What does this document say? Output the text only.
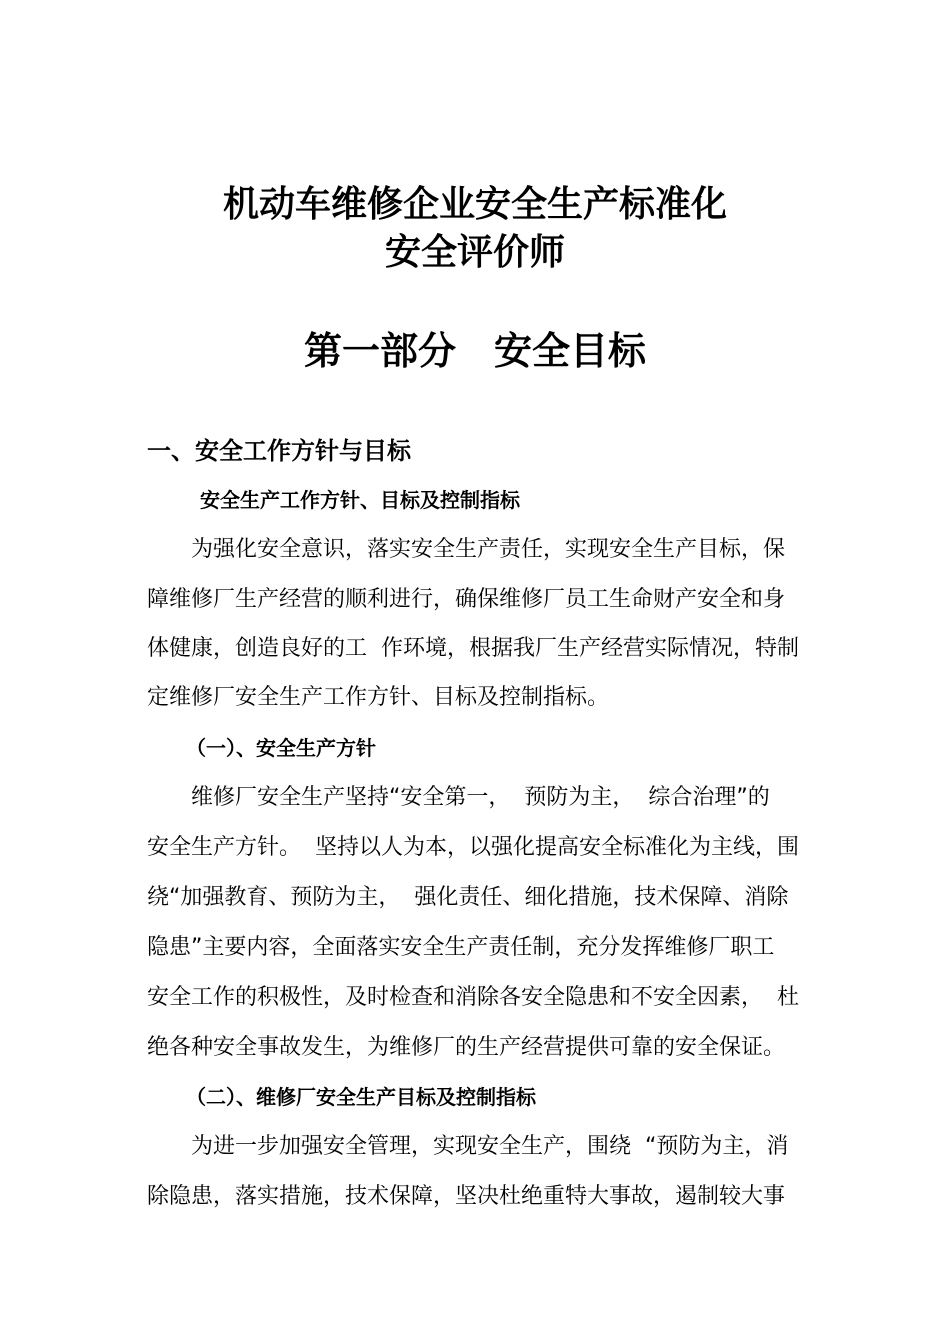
机动车维修企业安全生产标准化
安全评价师
第一部分　安全目标
一、安全工作方针与目标
安全生产工作方针、目标及控制指标
为强化安全意识，落实安全生产责任，实现安全生产目标，保
障维修厂生产经营的顺利进行，确保维修厂员工生命财产安全和身
体健康，创造良好的工  作环境，根据我厂生产经营实际情况，特制
定维修厂安全生产工作方针、目标及控制指标。
（一）、安全生产方针
维修厂安全生产坚持“安全第一，  预防为主，  综合治理”的
安全生产方针。  坚持以人为本，以强化提高安全标准化为主线，围
绕“加强教育、预防为主，  强化责任、细化措施，技术保障、消除
隐患”主要内容，全面落实安全生产责任制，充分发挥维修厂职工
安全工作的积极性，及时检查和消除各安全隐患和不安全因素，  杜
绝各种安全事故发生，为维修厂的生产经营提供可靠的安全保证。
（二）、维修厂安全生产目标及控制指标
为进一步加强安全管理，实现安全生产，围绕  “预防为主，消
除隐患，落实措施，技术保障，坚决杜绝重特大事故，遏制较大事
